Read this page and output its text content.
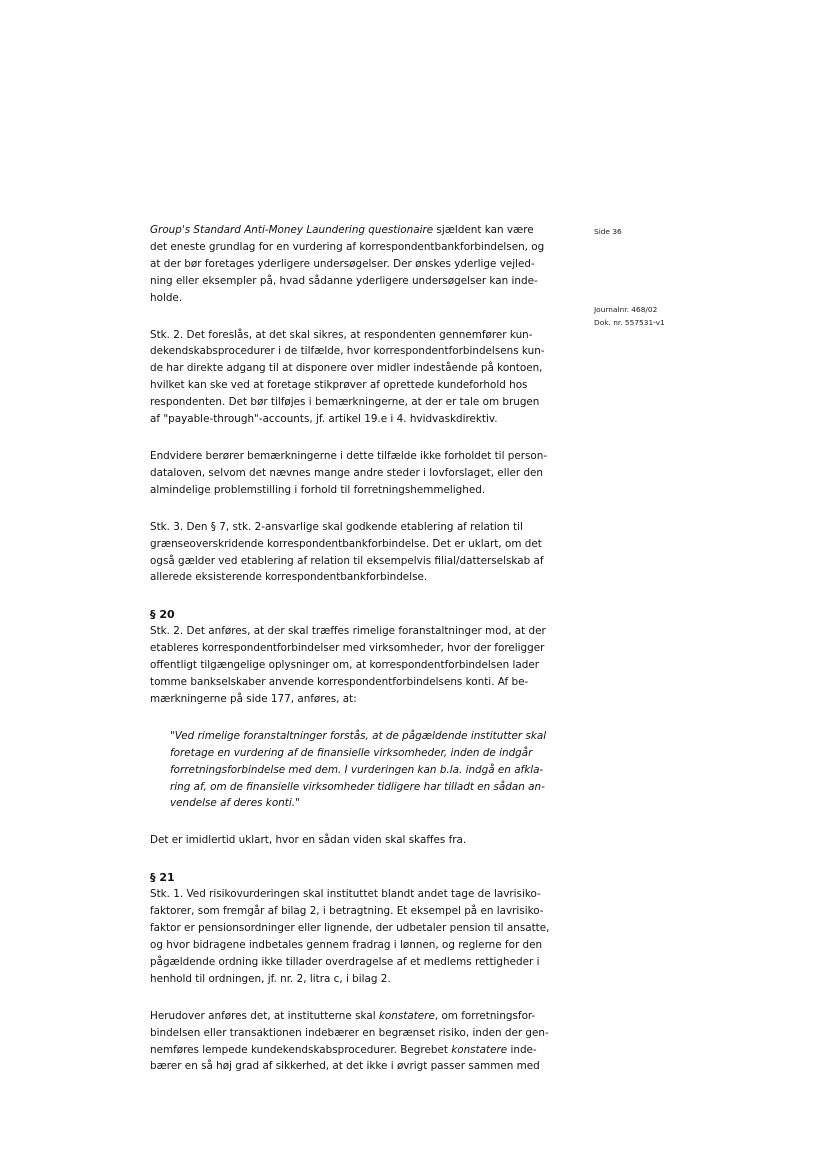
Side 36
Journalnr. 468/02
Dok. nr. 557531-v1

Group's Standard Anti-Money Laundering questionaire sjældent kan være
det eneste grundlag for en vurdering af korrespondentbankforbindelsen, og
at der bør foretages yderligere undersøgelser. Der ønskes yderlige vejled-
ning eller eksempler på, hvad sådanne yderligere undersøgelser kan inde-
holde.

Stk. 2. Det foreslås, at det skal sikres, at respondenten gennemfører kun-
dekendskabsprocedurer i de tilfælde, hvor korrespondentforbindelsens kun-
de har direkte adgang til at disponere over midler indestående på kontoen,
hvilket kan ske ved at foretage stikprøver af oprettede kundeforhold hos
respondenten. Det bør tilføjes i bemærkningerne, at der er tale om brugen
af "payable-through"-accounts, jf. artikel 19.e i 4. hvidvaskdirektiv.

Endvidere berører bemærkningerne i dette tilfælde ikke forholdet til person-
dataloven, selvom det nævnes mange andre steder i lovforslaget, eller den
almindelige problemstilling i forhold til forretningshemmelighed.

Stk. 3. Den § 7, stk. 2-ansvarlige skal godkende etablering af relation til
grænseoverskridende korrespondentbankforbindelse. Det er uklart, om det
også gælder ved etablering af relation til eksempelvis filial/datterselskab af
allerede eksisterende korrespondentbankforbindelse.

§ 20

Stk. 2. Det anføres, at der skal træffes rimelige foranstaltninger mod, at der
etableres korrespondentforbindelser med virksomheder, hvor der foreligger
offentligt tilgængelige oplysninger om, at korrespondentforbindelsen lader
tomme bankselskaber anvende korrespondentforbindelsens konti. Af be-
mærkningerne på side 177, anføres, at:

"Ved rimelige foranstaltninger forstås, at de pågældende institutter skal
foretage en vurdering af de finansielle virksomheder, inden de indgår
forretningsforbindelse med dem. I vurderingen kan b.la. indgå en afkla-
ring af, om de finansielle virksomheder tidligere har tilladt en sådan an-
vendelse af deres konti."

Det er imidlertid uklart, hvor en sådan viden skal skaffes fra.

§ 21

Stk. 1. Ved risikovurderingen skal instituttet blandt andet tage de lavrisiko-
faktorer, som fremgår af bilag 2, i betragtning. Et eksempel på en lavrisiko-
faktor er pensionsordninger eller lignende, der udbetaler pension til ansatte,
og hvor bidragene indbetales gennem fradrag i lønnen, og reglerne for den
pågældende ordning ikke tillader overdragelse af et medlems rettigheder i
henhold til ordningen, jf. nr. 2, litra c, i bilag 2.

Herudover anføres det, at institutterne skal konstatere, om forretningsfor-
bindelsen eller transaktionen indebærer en begrænset risiko, inden der gen-
nemføres lempede kundekendskabsprocedurer. Begrebet konstatere inde-
bærer en så høj grad af sikkerhed, at det ikke i øvrigt passer sammen med
